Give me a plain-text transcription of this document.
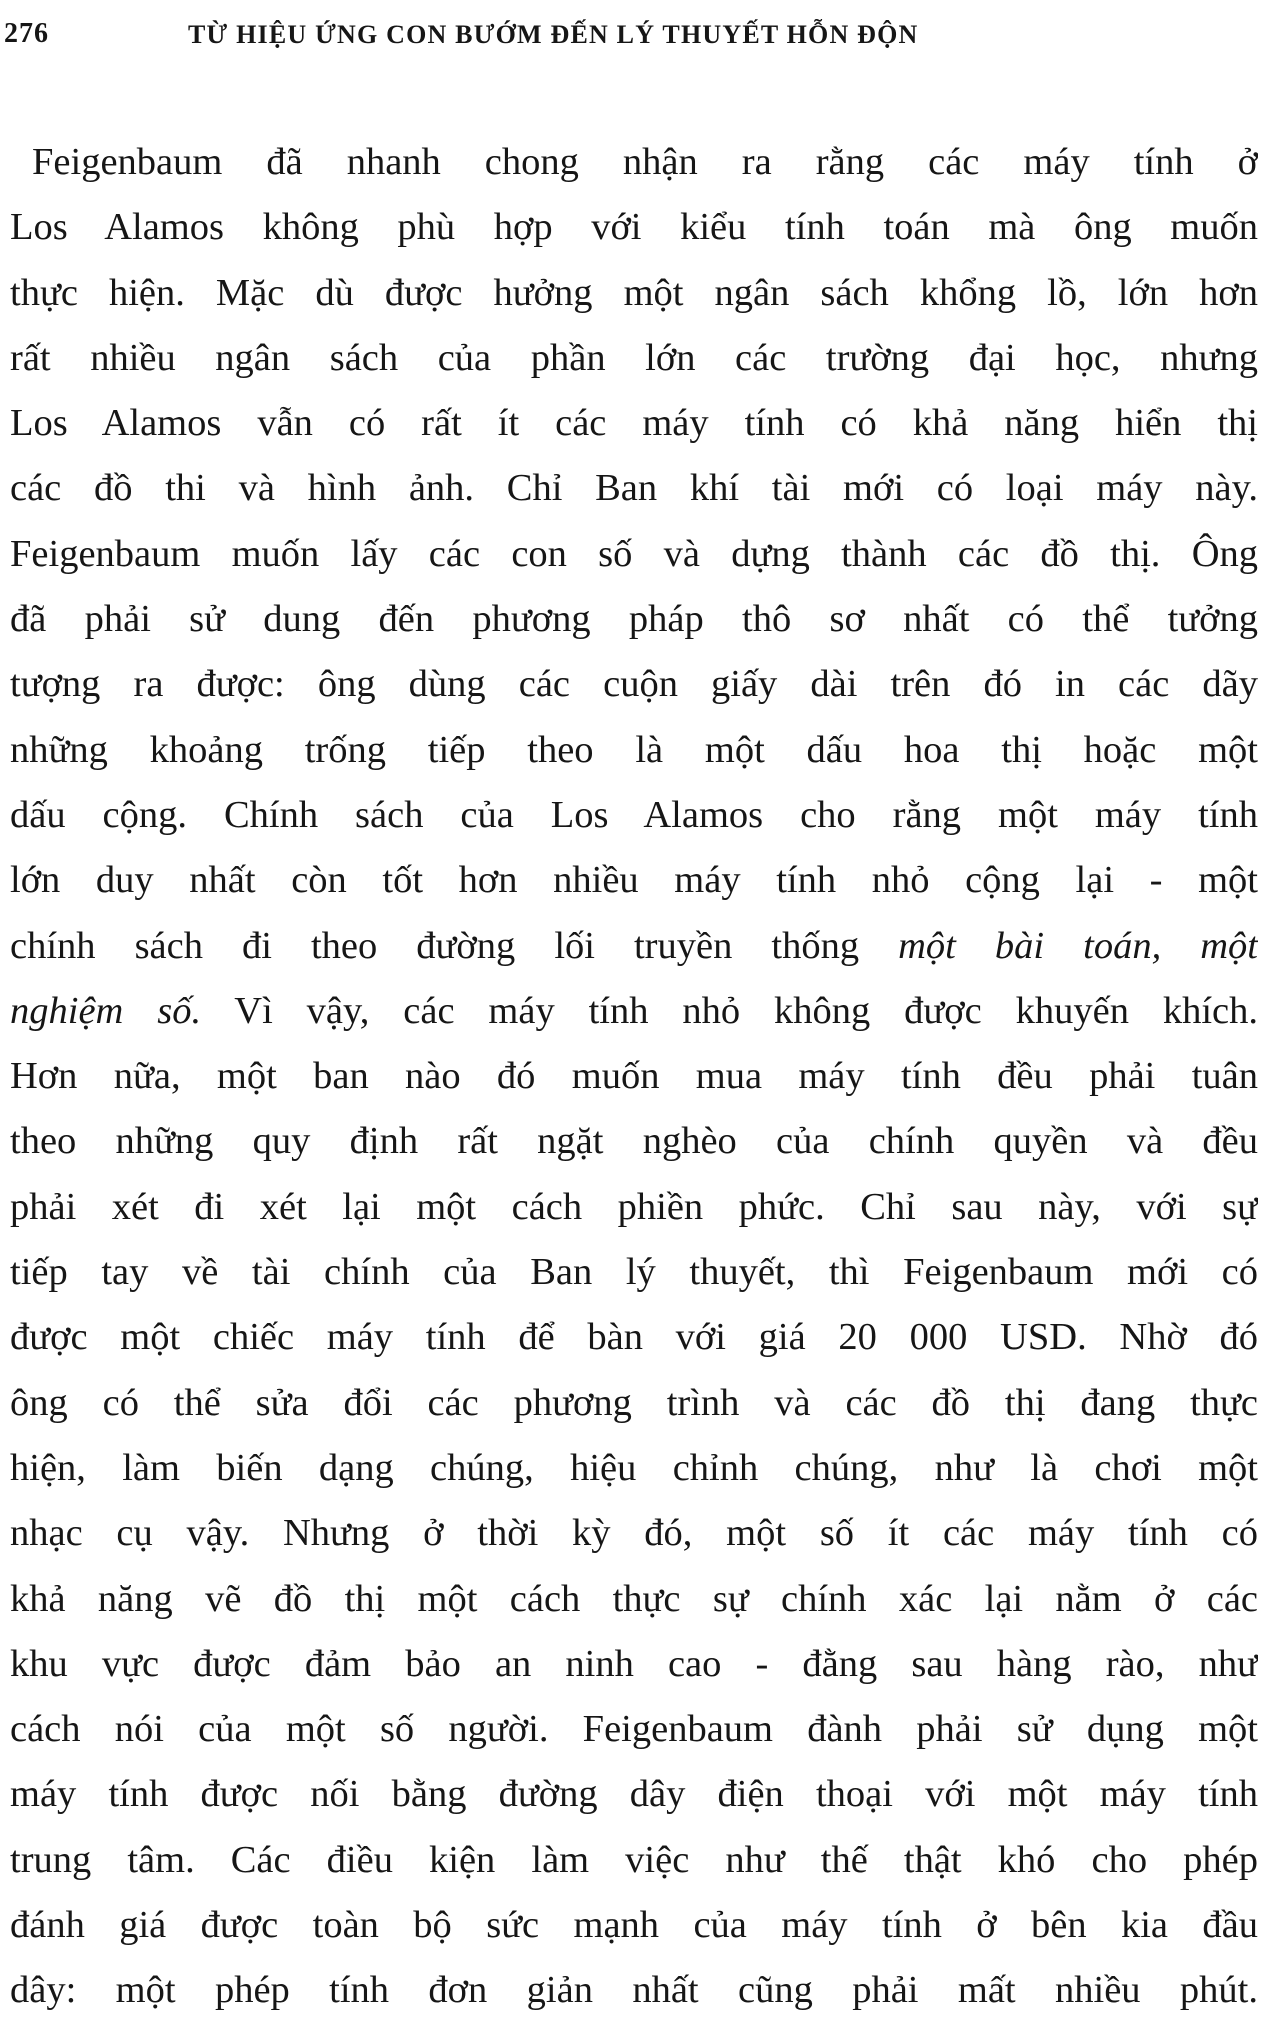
276	TỪ HIỆU ỨNG CON BƯỚM ĐẾN LÝ THUYẾT HỖN ĐỘN
Feigenbaum đã nhanh chong nhận ra rằng các máy tính ở
Los Alamos không phù hợp với kiểu tính toán mà ông muốn
thực hiện. Mặc dù được hưởng một ngân sách khổng lồ, lớn hơn
rất nhiều ngân sách của phần lớn các trường đại học, nhưng
Los Alamos vẫn có rất ít các máy tính có khả năng hiển thị
các đồ thi và hình ảnh. Chỉ Ban khí tài mới có loại máy này.
Feigenbaum muốn lấy các con số và dựng thành các đồ thị. Ông
đã phải sử dung đến phương pháp thô sơ nhất có thể tưởng
tượng ra được: ông dùng các cuộn giấy dài trên đó in các dãy
những khoảng trống tiếp theo là một dấu hoa thị hoặc một
dấu cộng. Chính sách của Los Alamos cho rằng một máy tính
lớn duy nhất còn tốt hơn nhiều máy tính nhỏ cộng lại - một
chính sách đi theo đường lối truyền thống một bài toán, một
nghiệm số. Vì vậy, các máy tính nhỏ không được khuyến khích.
Hơn nữa, một ban nào đó muốn mua máy tính đều phải tuân
theo những quy định rất ngặt nghèo của chính quyền và đều
phải xét đi xét lại một cách phiền phức. Chỉ sau này, với sự
tiếp tay về tài chính của Ban lý thuyết, thì Feigenbaum mới có
được một chiếc máy tính để bàn với giá 20 000 USD. Nhờ đó
ông có thể sửa đổi các phương trình và các đồ thị đang thực
hiện, làm biến dạng chúng, hiệu chỉnh chúng, như là chơi một
nhạc cụ vậy. Nhưng ở thời kỳ đó, một số ít các máy tính có
khả năng vẽ đồ thị một cách thực sự chính xác lại nằm ở các
khu vực được đảm bảo an ninh cao - đằng sau hàng rào, như
cách nói của một số người. Feigenbaum đành phải sử dụng một
máy tính được nối bằng đường dây điện thoại với một máy tính
trung tâm. Các điều kiện làm việc như thế thật khó cho phép
đánh giá được toàn bộ sức mạnh của máy tính ở bên kia đầu
dây: một phép tính đơn giản nhất cũng phải mất nhiều phút.
